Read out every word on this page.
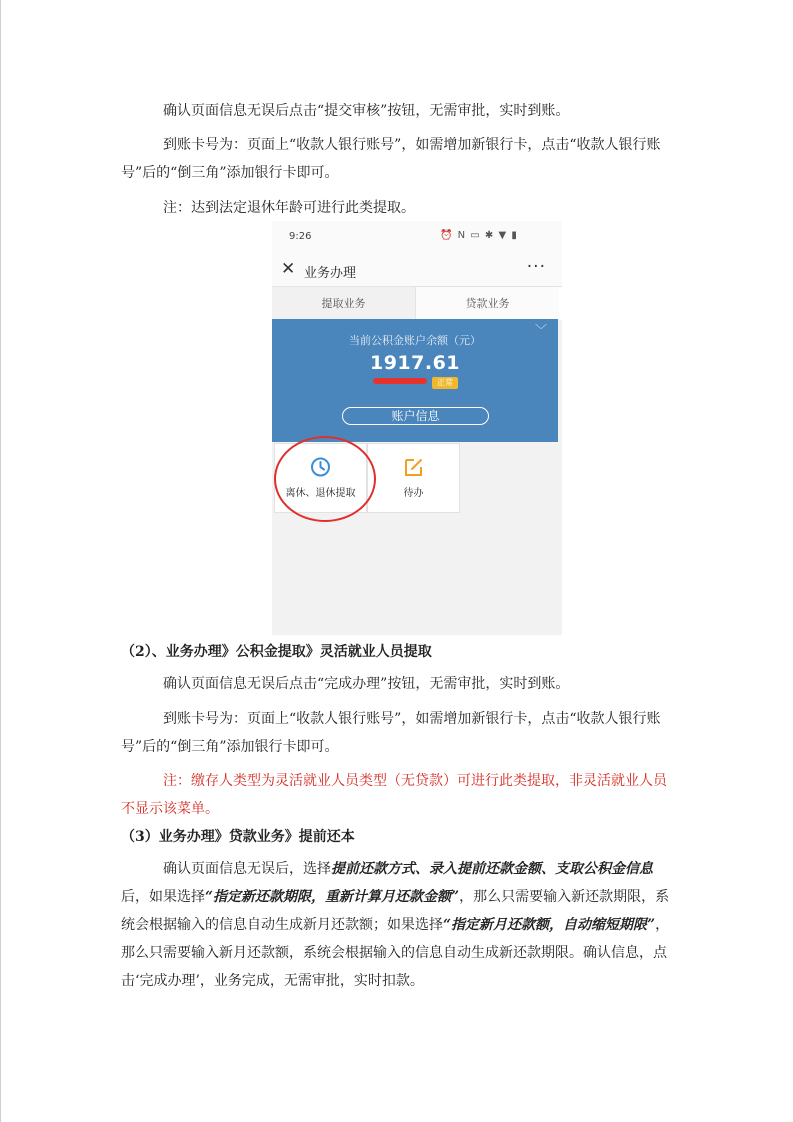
确认页面信息无误后点击“提交审核”按钮，无需审批，实时到账。
到账卡号为：页面上“收款人银行账号”，如需增加新银行卡，点击“收款人银行账号”后的“倒三角”添加银行卡即可。
注：达到法定退休年龄可进行此类提取。
9:26	⏰ N ▭ ✱ ▼ ▮
✕ 业务办理	···
提取业务	贷款业务
﹀
当前公积金账户余额（元）
1917.61
正常
账户信息
离休、退休提取	待办
（2）、业务办理》公积金提取》灵活就业人员提取
确认页面信息无误后点击“完成办理”按钮，无需审批，实时到账。
到账卡号为：页面上“收款人银行账号”，如需增加新银行卡，点击“收款人银行账号”后的“倒三角”添加银行卡即可。
注：缴存人类型为灵活就业人员类型（无贷款）可进行此类提取，非灵活就业人员不显示该菜单。
（3）业务办理》贷款业务》提前还本
确认页面信息无误后，选择提前还款方式、录入提前还款金额、支取公积金信息后，如果选择“指定新还款期限，重新计算月还款金额”，那么只需要输入新还款期限，系统会根据输入的信息自动生成新月还款额；如果选择“指定新月还款额，自动缩短期限”，那么只需要输入新月还款额，系统会根据输入的信息自动生成新还款期限。确认信息，点击‘完成办理’，业务完成，无需审批，实时扣款。
